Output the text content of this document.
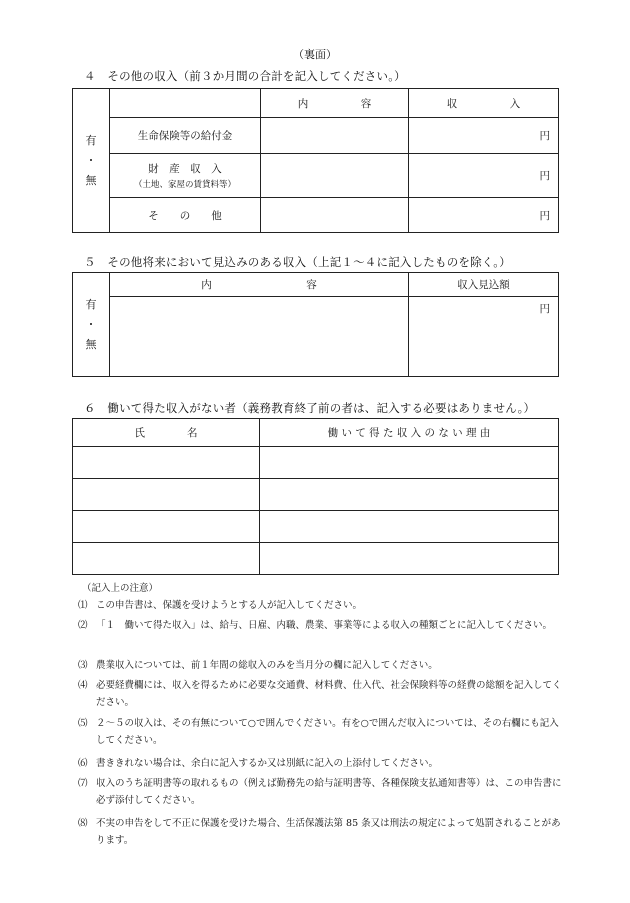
（裏面）
４　その他の収入（前３か月間の合計を記入してください。）
有
・
無		内　　　　　容	収　　　　　入
	生命保険等の給付金		円
	財　産　収　入
（土地、家屋の賃貸料等）		円
	そ　　の　　他		円
５　その他将来において見込みのある収入（上記１～４に記入したものを除く。）
有
・
無	内　　　　　　　　　容	収入見込額
		円
６　働いて得た収入がない者（義務教育終了前の者は、記入する必要はありません。）
氏　　　　名	働 い て 得 た 収 入 の な い 理 由

（記入上の注意）
⑴ この申告書は、保護を受けようとする人が記入してください。
⑵ 「１　働いて得た収入」は、給与、日雇、内職、農業、事業等による収入の種類ごとに記入してください。
⑶ 農業収入については、前１年間の総収入のみを当月分の欄に記入してください。
⑷ 必要経費欄には、収入を得るために必要な交通費、材料費、仕入代、社会保険料等の経費の総額を記入してください。
⑸ ２～５の収入は、その有無について○で囲んでください。有を○で囲んだ収入については、その右欄にも記入してください。
⑹ 書ききれない場合は、余白に記入するか又は別紙に記入の上添付してください。
⑺ 収入のうち証明書等の取れるもの（例えば勤務先の給与証明書等、各種保険支払通知書等）は、この申告書に必ず添付してください。
⑻ 不実の申告をして不正に保護を受けた場合、生活保護法第 85 条又は刑法の規定によって処罰されることがあります。
